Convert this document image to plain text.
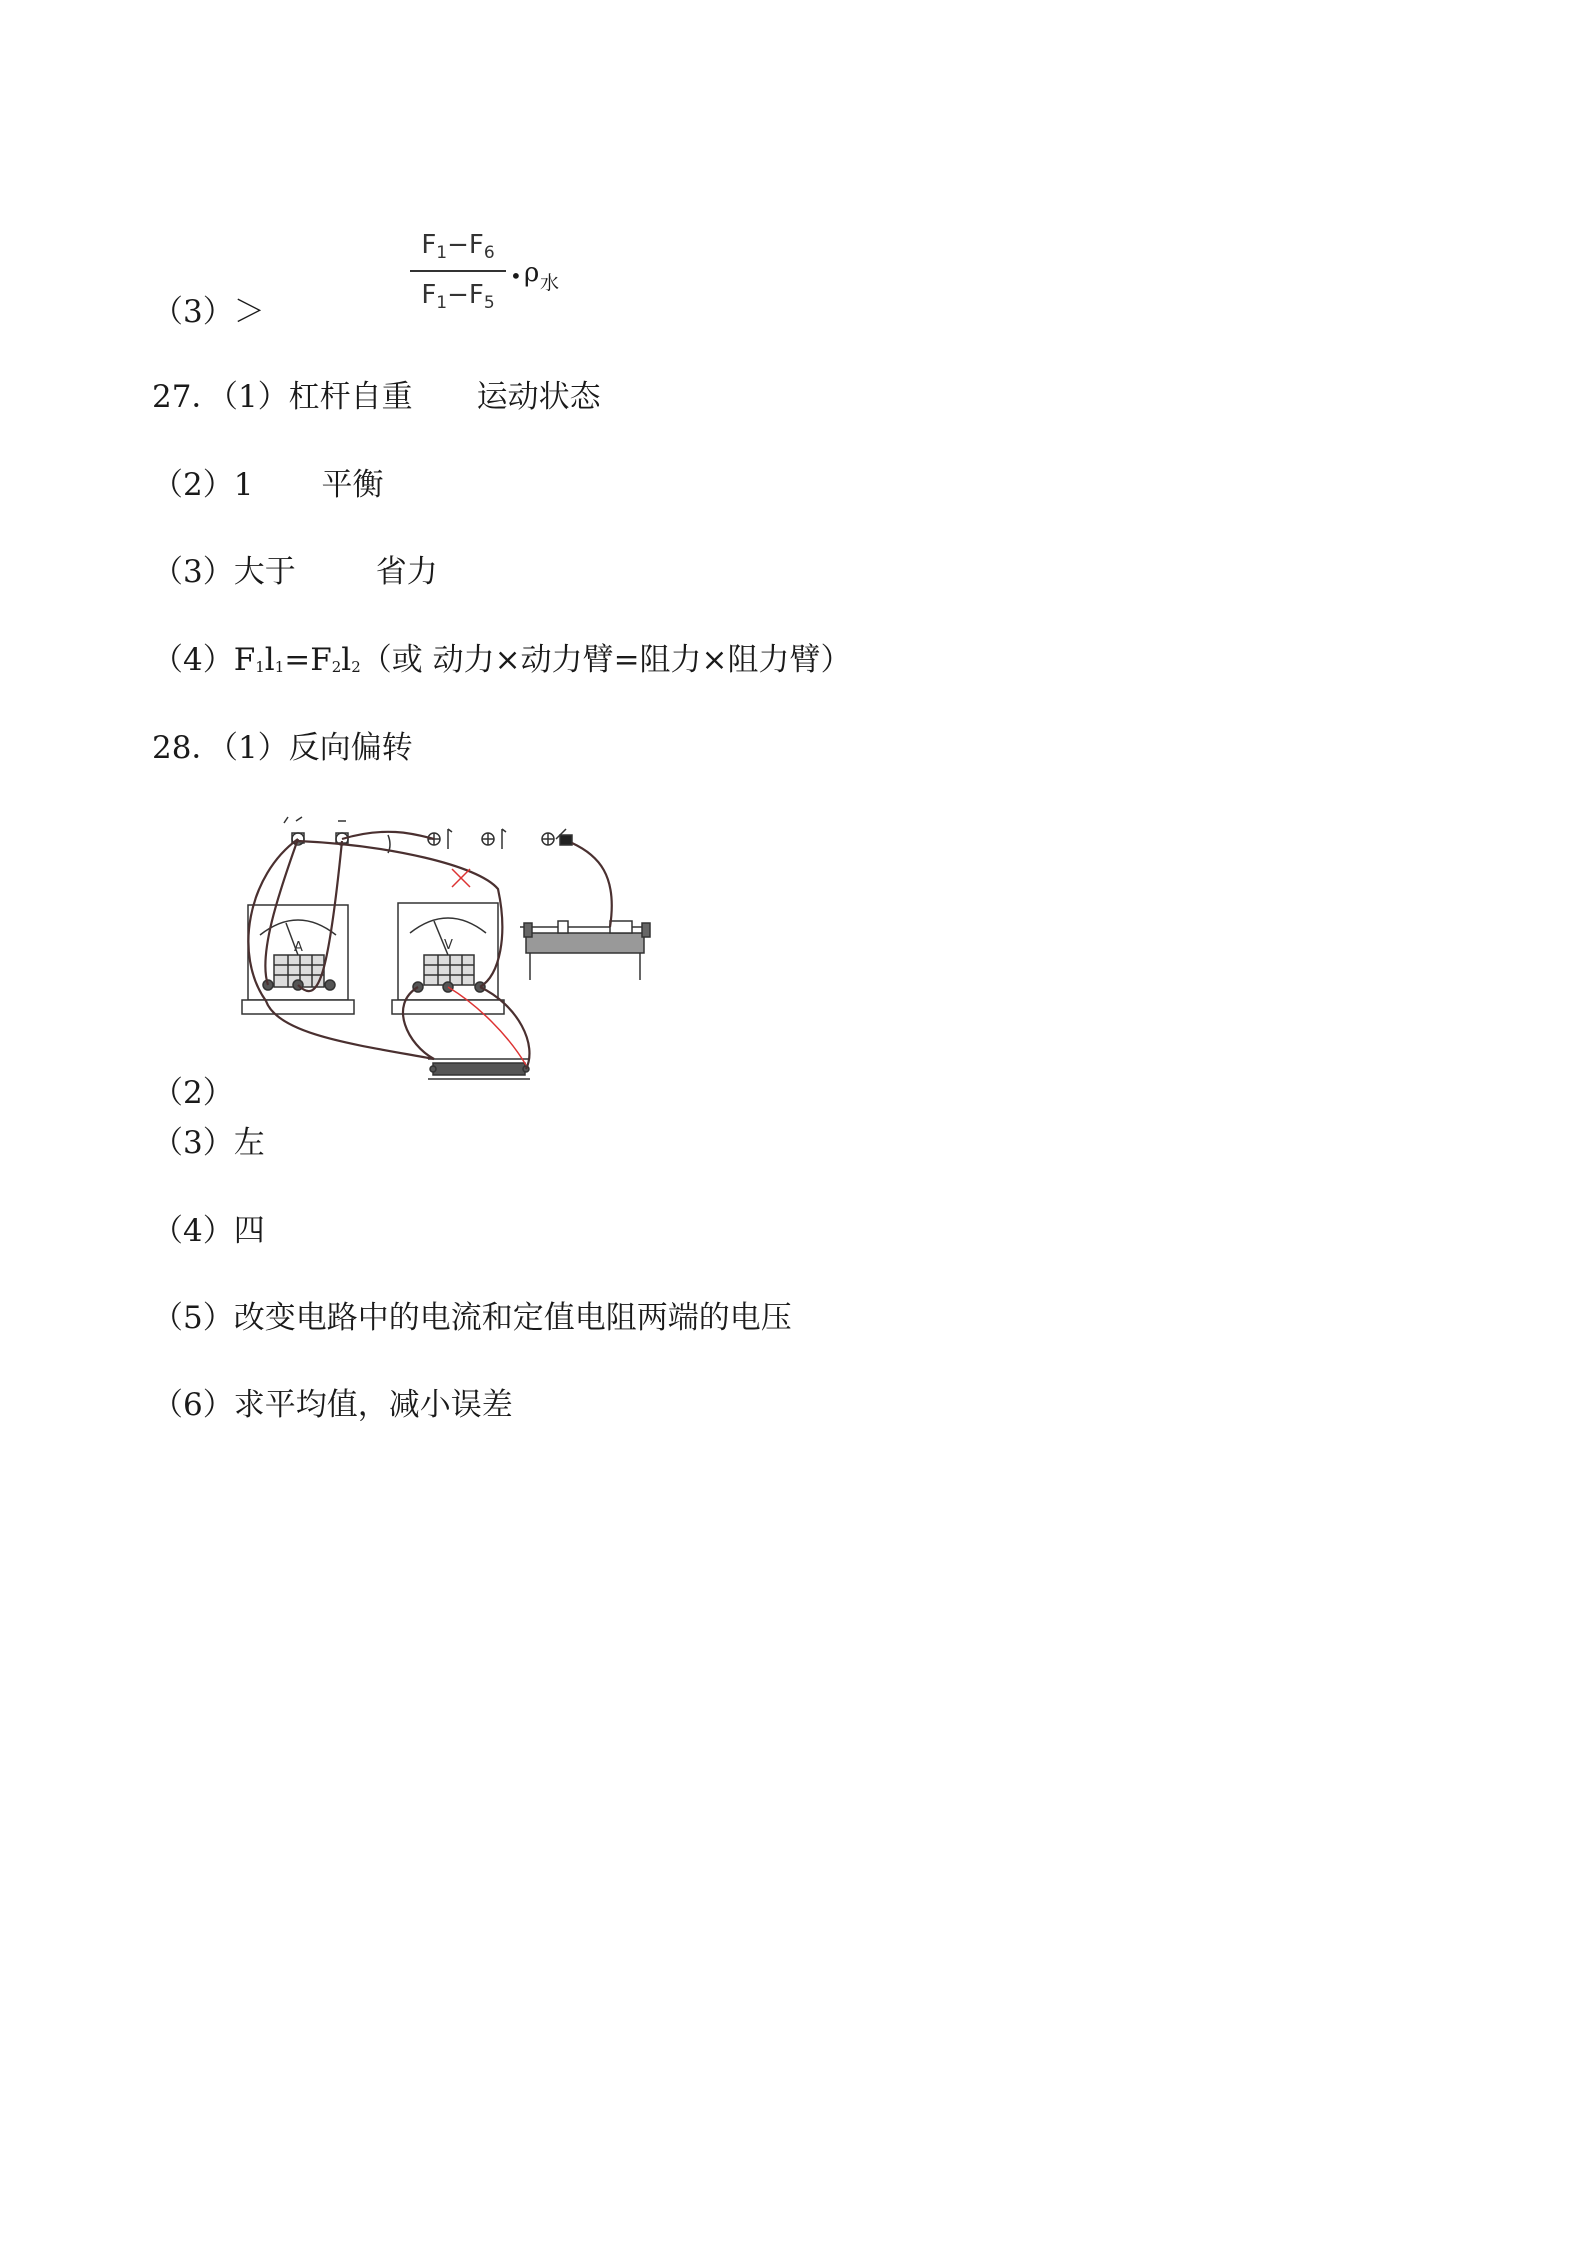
（3）＞
F1−F6
F1−F5
• ρ 水
27．（1）杠杆自重 运动状态
（2）1 平衡
（3）大于	省力
（4）F1l1=F2l2（或 动力×动力臂=阻力×阻力臂）
28．（1）反向偏转
A	V
（2）
（3）左
（4）四
（5）改变电路中的电流和定值电阻两端的电压
（6）求平均值，减小误差
